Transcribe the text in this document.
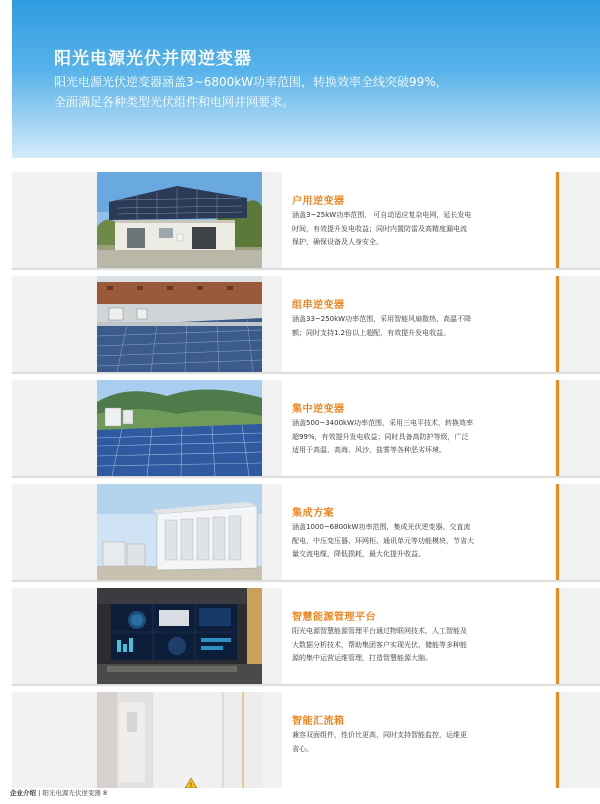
阳光电源光伏并网逆变器
阳光电源光伏逆变器涵盖3~6800kW功率范围，转换效率全线突破99%，
全面满足各种类型光伏组件和电网并网要求。
户用逆变器
涵盖3~25kW功率范围， 可自动适应复杂电网，延长发电
时间，有效提升发电收益；同时内置防雷及高精度漏电流
保护，确保设备及人身安全。
组串逆变器
涵盖33~250kW功率范围，采用智能风扇散热、高温不降
额；同时支持1.2倍以上超配，有效提升发电收益。
集中逆变器
涵盖500~3400kW功率范围，采用三电平技术，转换效率
超99%，有效提升发电收益；同时具备高防护等级，广泛
适用于高温、高海、风沙、盐雾等各种恶劣环境。
集成方案
涵盖1000~6800kW功率范围，集成光伏逆变器、交直流
配电、中压变压器、环网柜、通讯单元等功能模块，节省大
量交流电缆，降低损耗，最大化提升收益。
智慧能源管理平台
阳光电源智慧能源管理平台通过物联网技术、人工智能及
大数据分析技术，帮助集团客户实现光伏、储能等多种能
源的集中运营运维管理，打造智慧能源大脑。
!
智能汇流箱
兼容双面组件，性价比更高，同时支持智能监控，运维更
省心。
企业介绍 | 阳光电源光伏逆变器 8
